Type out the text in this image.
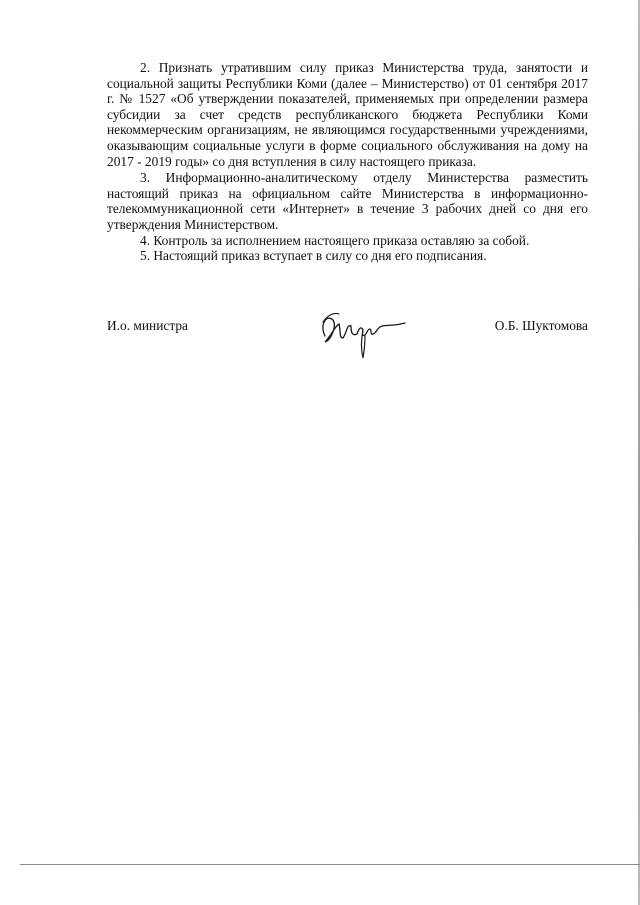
2. Признать утратившим силу приказ Министерства труда, занятости и социальной защиты Республики Коми (далее – Министерство) от 01 сентября 2017 г. № 1527 «Об утверждении показателей, применяемых при определении размера субсидии за счет средств республиканского бюджета Республики Коми некоммерческим организациям, не являющимся государственными учреждениями, оказывающим социальные услуги в форме социального обслуживания на дому на 2017 - 2019 годы» со дня вступления в силу настоящего приказа.

3. Информационно-аналитическому отделу Министерства разместить настоящий приказ на официальном сайте Министерства в информационно-телекоммуникационной сети «Интернет» в течение 3 рабочих дней со дня его утверждения Министерством.

4. Контроль за исполнением настоящего приказа оставляю за собой.

5. Настоящий приказ вступает в силу со дня его подписания.

И.о. министра	О.Б. Шуктомова
